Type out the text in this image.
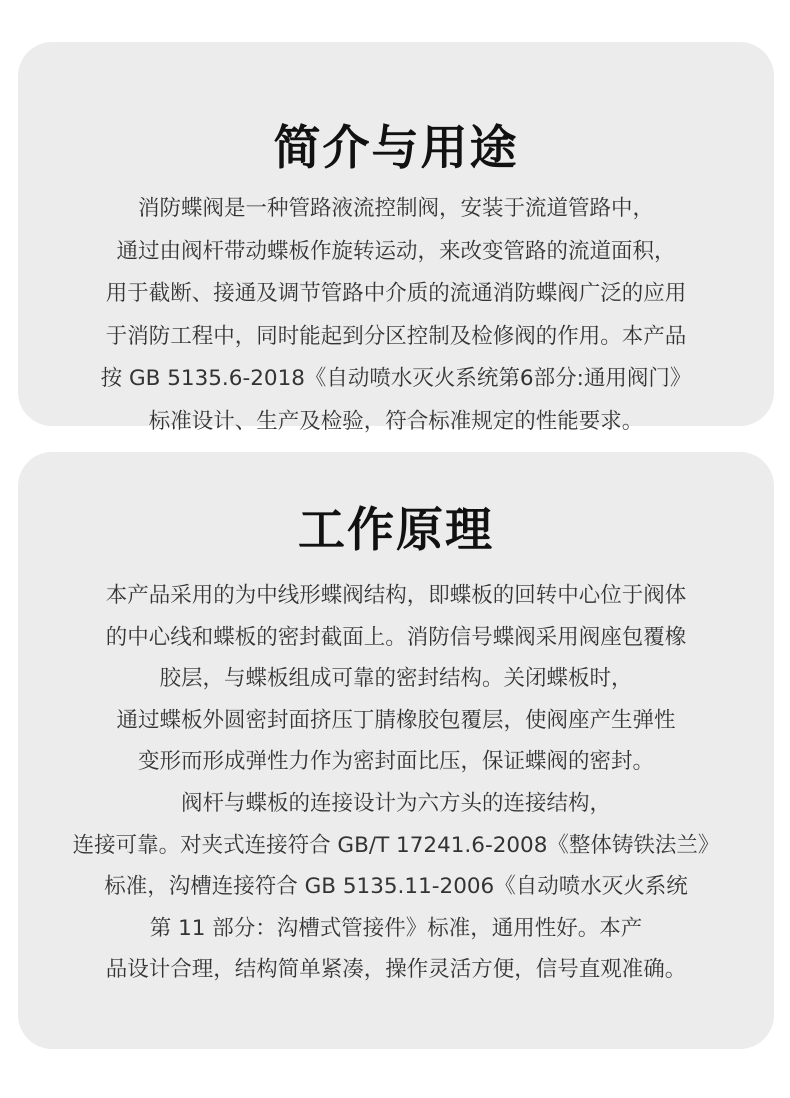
简介与用途
消防蝶阀是一种管路液流控制阀，安装于流道管路中，
通过由阀杆带动蝶板作旋转运动，来改变管路的流道面积，
用于截断、接通及调节管路中介质的流通消防蝶阀广泛的应用
于消防工程中，同时能起到分区控制及检修阀的作用。本产品
按 GB 5135.6-2018《自动喷水灭火系统第6部分:通用阀门》
标准设计、生产及检验，符合标准规定的性能要求。
工作原理
本产品采用的为中线形蝶阀结构，即蝶板的回转中心位于阀体
的中心线和蝶板的密封截面上。消防信号蝶阀采用阀座包覆橡
胶层，与蝶板组成可靠的密封结构。关闭蝶板时，
通过蝶板外圆密封面挤压丁腈橡胶包覆层，使阀座产生弹性
变形而形成弹性力作为密封面比压，保证蝶阀的密封。
阀杆与蝶板的连接设计为六方头的连接结构，
连接可靠。对夹式连接符合 GB/T 17241.6-2008《整体铸铁法兰》
标准，沟槽连接符合 GB 5135.11-2006《自动喷水灭火系统
第 11 部分：沟槽式管接件》标准，通用性好。本产
品设计合理，结构简单紧凑，操作灵活方便，信号直观准确。
